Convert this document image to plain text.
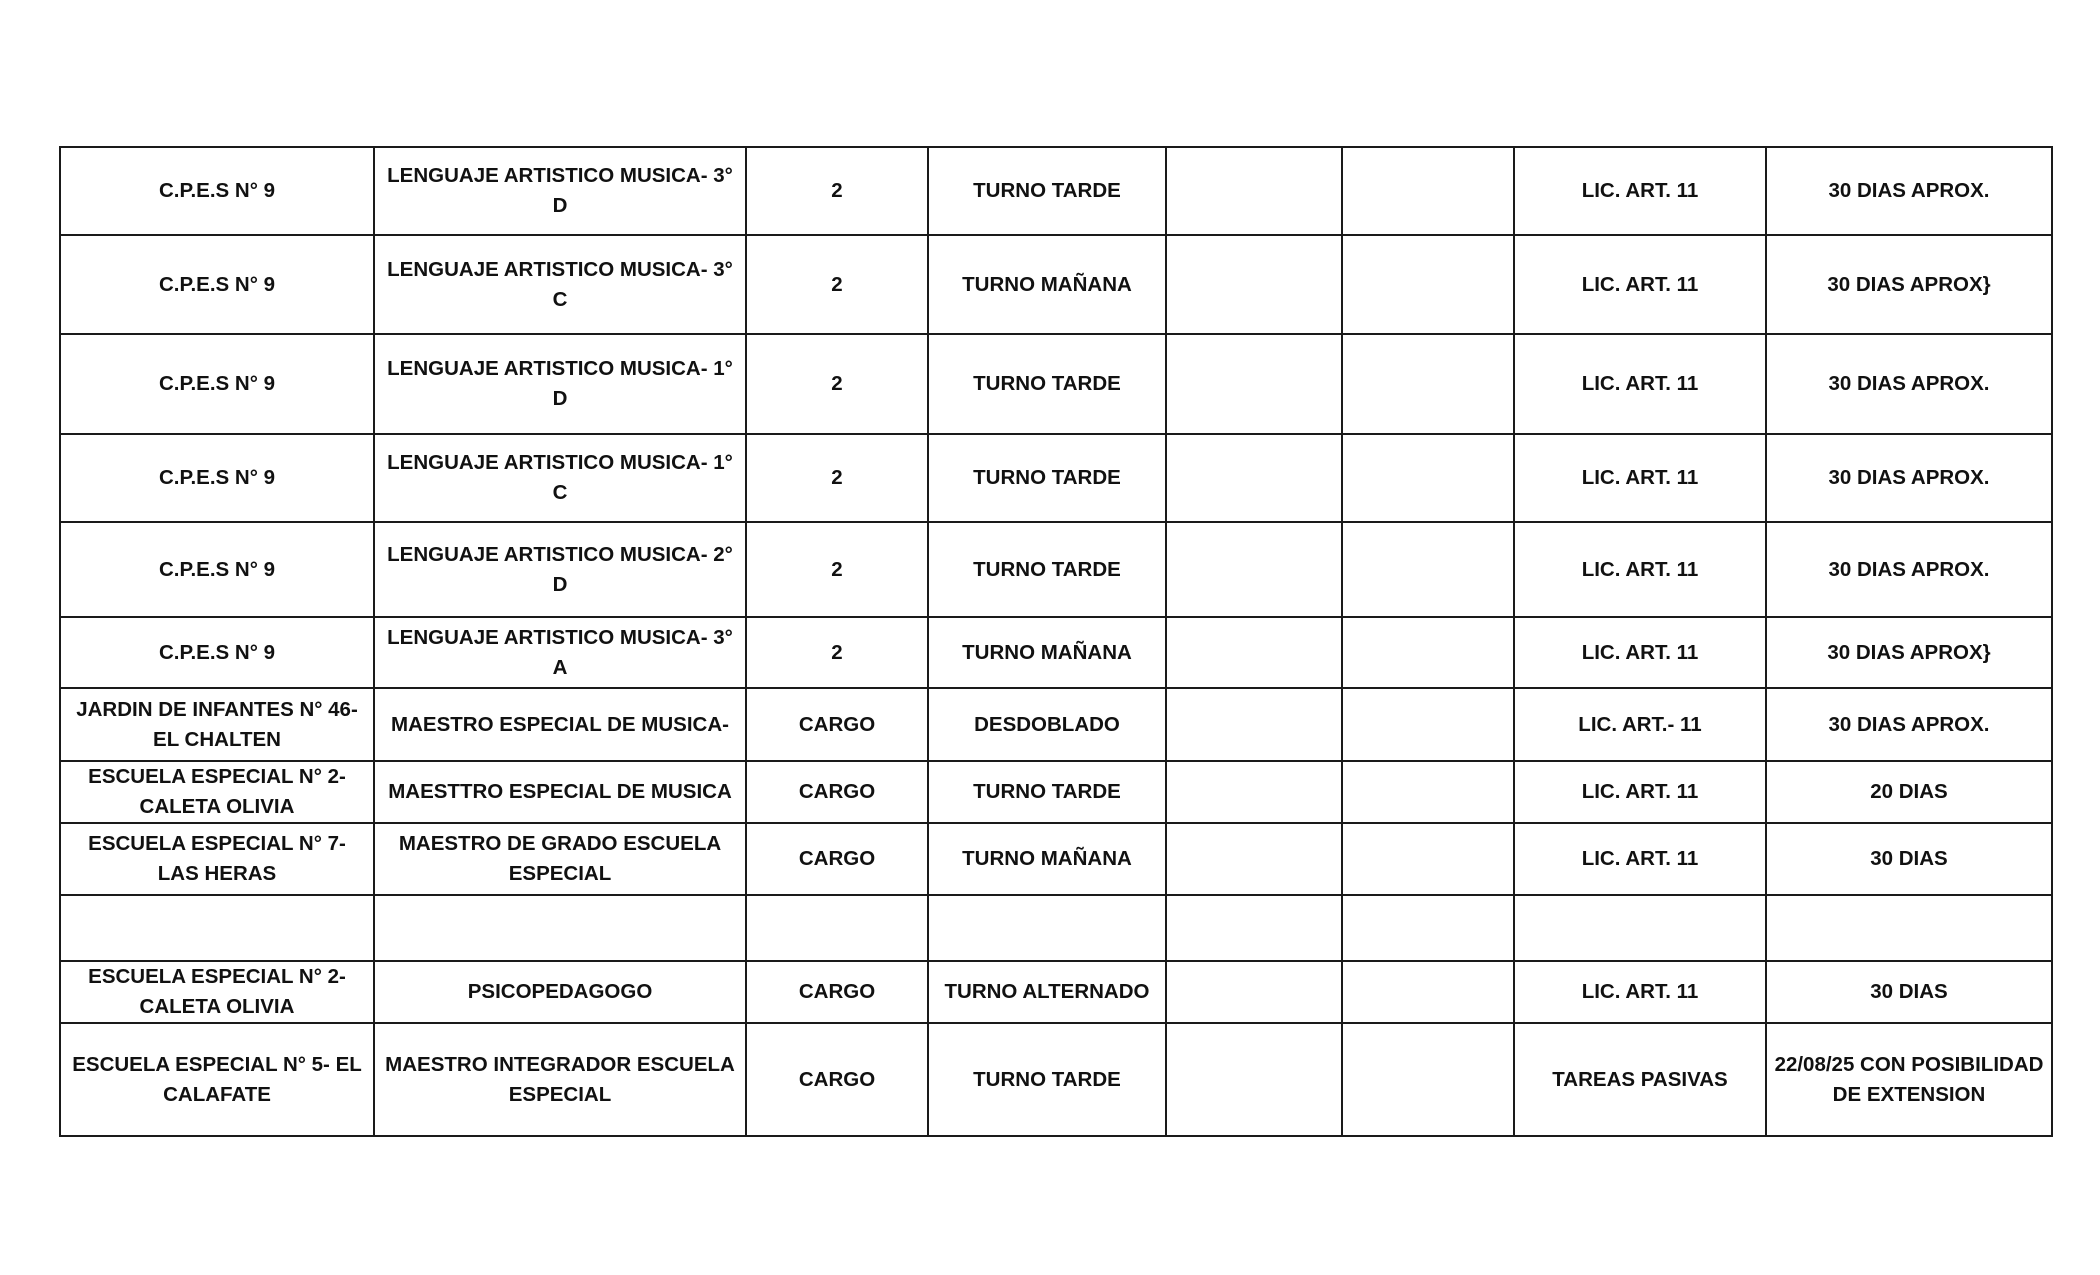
C.P.E.S N° 9	LENGUAJE ARTISTICO MUSICA- 3° D	2	TURNO TARDE			LIC. ART. 11	30 DIAS APROX.
C.P.E.S N° 9	LENGUAJE ARTISTICO MUSICA- 3° C	2	TURNO MAÑANA			LIC. ART. 11	30 DIAS APROX}
C.P.E.S N° 9	LENGUAJE ARTISTICO MUSICA- 1° D	2	TURNO TARDE			LIC. ART. 11	30 DIAS APROX.
C.P.E.S N° 9	LENGUAJE ARTISTICO MUSICA- 1° C	2	TURNO TARDE			LIC. ART. 11	30 DIAS APROX.
C.P.E.S N° 9	LENGUAJE ARTISTICO MUSICA- 2° D	2	TURNO TARDE			LIC. ART. 11	30 DIAS APROX.
C.P.E.S N° 9	LENGUAJE ARTISTICO MUSICA- 3° A	2	TURNO MAÑANA			LIC. ART. 11	30 DIAS APROX}
JARDIN DE INFANTES N° 46- EL CHALTEN	MAESTRO ESPECIAL DE MUSICA-	CARGO	DESDOBLADO			LIC. ART.- 11	30 DIAS APROX.
ESCUELA ESPECIAL N° 2- CALETA OLIVIA	MAESTTRO ESPECIAL DE MUSICA	CARGO	TURNO TARDE			LIC. ART. 11	20 DIAS
ESCUELA ESPECIAL N° 7- LAS HERAS	MAESTRO DE GRADO ESCUELA ESPECIAL	CARGO	TURNO MAÑANA			LIC. ART. 11	30 DIAS

ESCUELA ESPECIAL N° 2- CALETA OLIVIA	PSICOPEDAGOGO	CARGO	TURNO ALTERNADO			LIC. ART. 11	30 DIAS
ESCUELA ESPECIAL N° 5- EL CALAFATE	MAESTRO INTEGRADOR ESCUELA ESPECIAL	CARGO	TURNO TARDE			TAREAS PASIVAS	22/08/25 CON POSIBILIDAD DE EXTENSION
